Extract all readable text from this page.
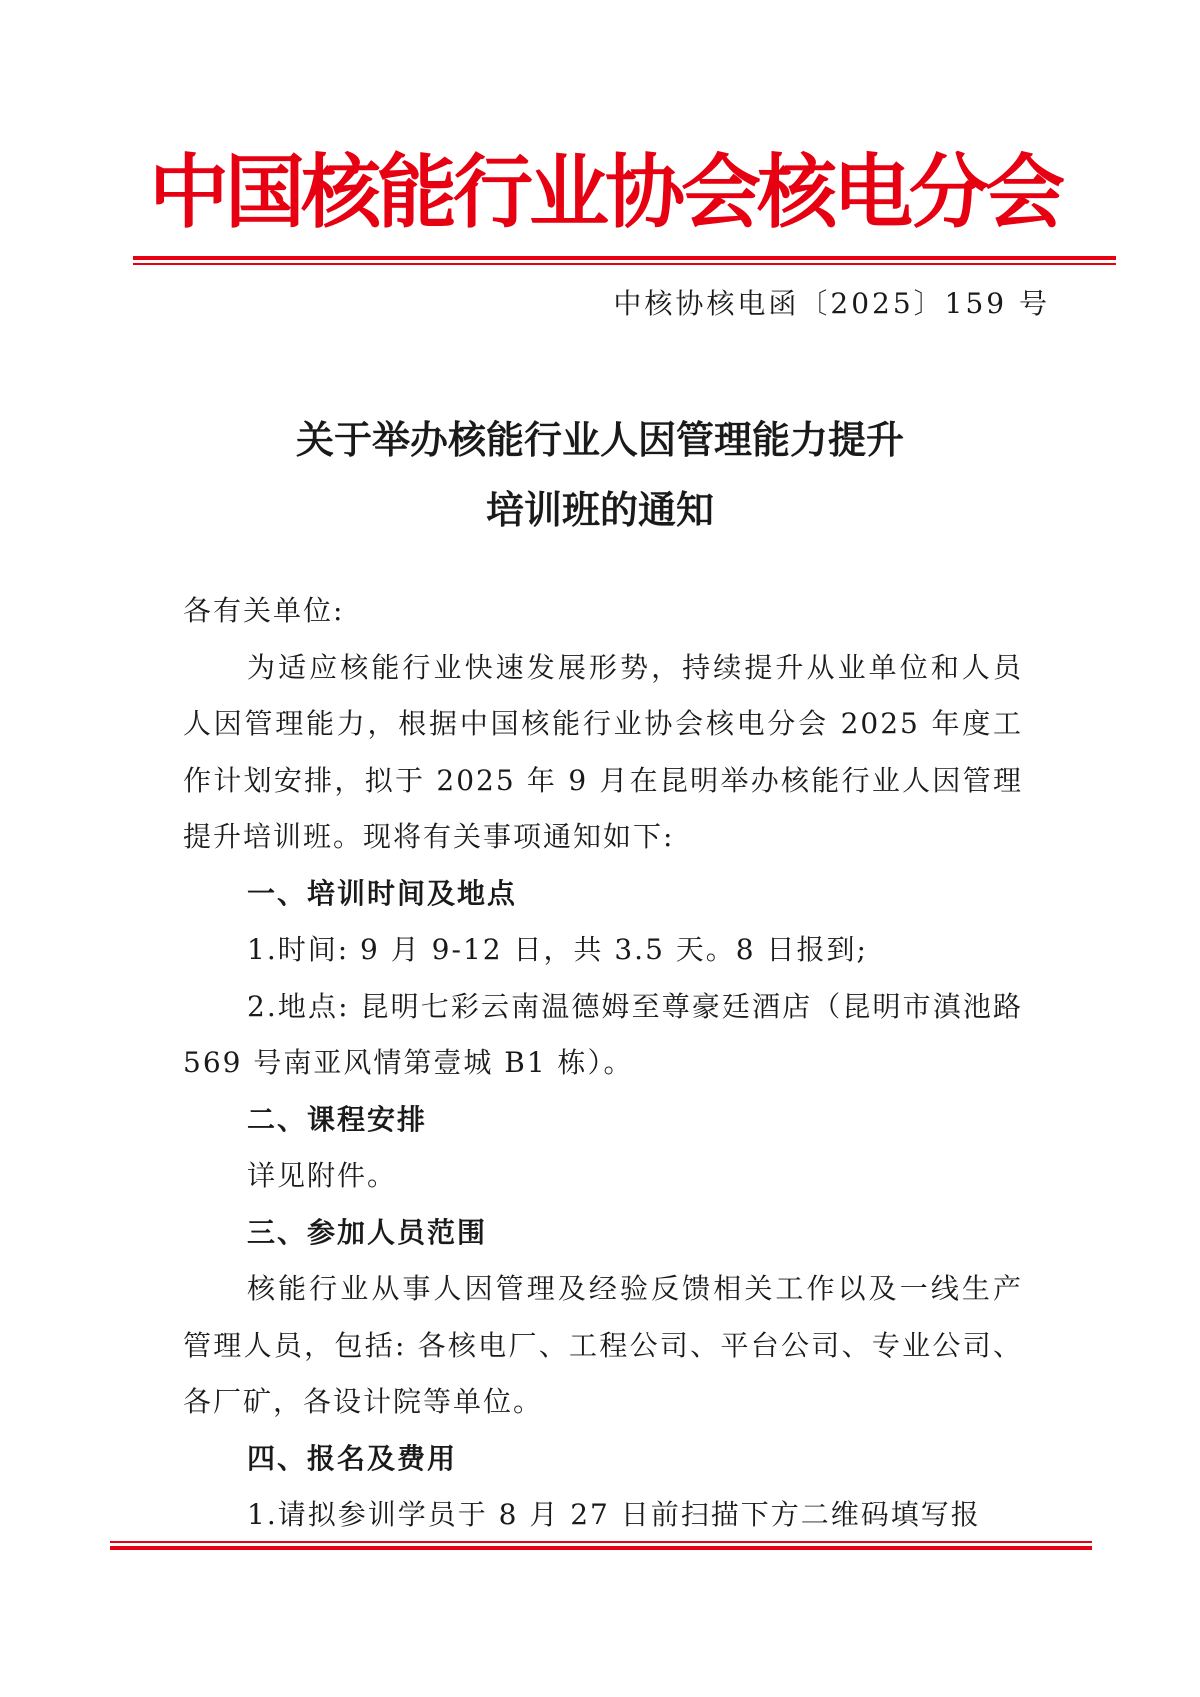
中国核能行业协会核电分会
中核协核电函〔2025〕159 号
关于举办核能行业人因管理能力提升
培训班的通知

各有关单位:

为适应核能行业快速发展形势，持续提升从业单位和人员人因管理能力，根据中国核能行业协会核电分会 2025 年度工作计划安排，拟于 2025 年 9 月在昆明举办核能行业人因管理提升培训班。现将有关事项通知如下:

一、培训时间及地点

1.时间: 9 月 9-12 日，共 3.5 天。8 日报到;

2.地点: 昆明七彩云南温德姆至尊豪廷酒店（昆明市滇池路 569 号南亚风情第壹城 B1 栋）。

二、课程安排

详见附件。

三、参加人员范围

核能行业从事人因管理及经验反馈相关工作以及一线生产管理人员，包括: 各核电厂、工程公司、平台公司、专业公司、各厂矿，各设计院等单位。

四、报名及费用

1.请拟参训学员于 8 月 27 日前扫描下方二维码填写报
